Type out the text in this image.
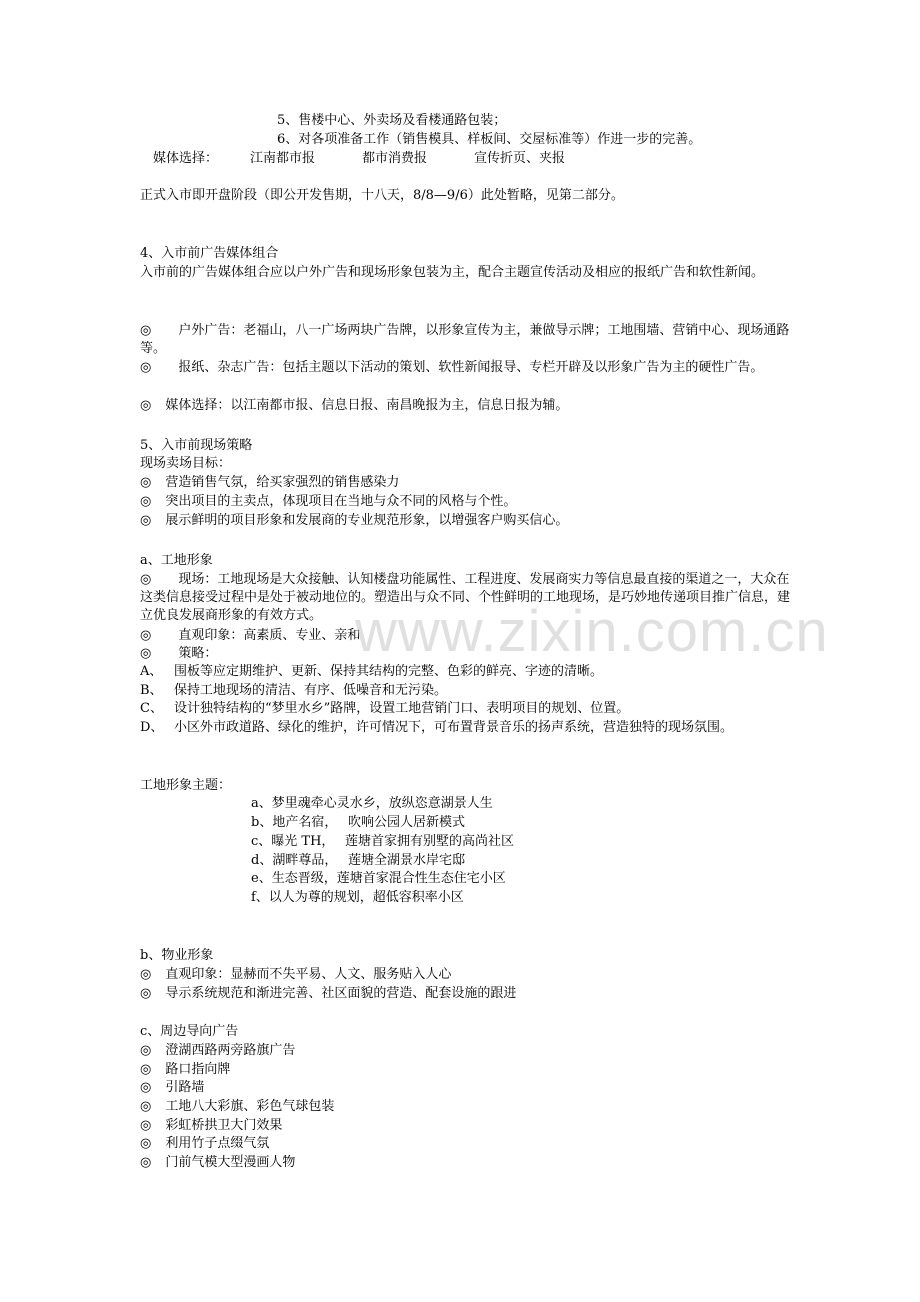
5、售楼中心、外卖场及看楼通路包装；
6、对各项准备工作（销售模具、样板间、交屋标准等）作进一步的完善。
媒体选择： 江南都市报	都市消费报	宣传折页、夹报
正式入市即开盘阶段（即公开发售期，十八天，8/8—9/6）此处暂略，见第二部分。
4、入市前广告媒体组合
入市前的广告媒体组合应以户外广告和现场形象包装为主，配合主题宣传活动及相应的报纸广告和软性新闻。
◎ 户外广告：老福山，八一广场两块广告牌，以形象宣传为主，兼做导示牌；工地围墙、营销中心、现场通路等。
◎ 报纸、杂志广告：包括主题以下活动的策划、软性新闻报导、专栏开辟及以形象广告为主的硬性广告。
◎ 媒体选择：以江南都市报、信息日报、南昌晚报为主，信息日报为辅。
5、入市前现场策略
现场卖场目标：
◎ 营造销售气氛，给买家强烈的销售感染力
◎ 突出项目的主卖点，体现项目在当地与众不同的风格与个性。
◎ 展示鲜明的项目形象和发展商的专业规范形象，以增强客户购买信心。
a、工地形象
◎ 现场：工地现场是大众接触、认知楼盘功能属性、工程进度、发展商实力等信息最直接的渠道之一，大众在这类信息接受过程中是处于被动地位的。塑造出与众不同、个性鲜明的工地现场，是巧妙地传递项目推广信息，建立优良发展商形象的有效方式。
◎ 直观印象：高素质、专业、亲和
◎ 策略：
A、 围板等应定期维护、更新、保持其结构的完整、色彩的鲜亮、字迹的清晰。
B、 保持工地现场的清洁、有序、低噪音和无污染。
C、 设计独特结构的“梦里水乡”路牌，设置工地营销门口、表明项目的规划、位置。
D、 小区外市政道路、绿化的维护，许可情况下，可布置背景音乐的扬声系统，营造独特的现场氛围。
工地形象主题：
a、梦里魂牵心灵水乡，放纵恣意湖景人生
b、地产名宿，　 吹响公园人居新模式
c、曝光 TH，　 莲塘首家拥有别墅的高尚社区
d、湖畔尊品，　 莲塘全湖景水岸宅邸
e、生态晋级，莲塘首家混合性生态住宅小区
f、以人为尊的规划，超低容积率小区
b、物业形象
◎ 直观印象：显赫而不失平易、人文、服务贴入人心
◎ 导示系统规范和渐进完善、社区面貌的营造、配套设施的跟进
c、周边导向广告
◎ 澄湖西路两旁路旗广告
◎ 路口指向牌
◎ 引路墙
◎ 工地八大彩旗、彩色气球包装
◎ 彩虹桥拱卫大门效果
◎ 利用竹子点缀气氛
◎ 门前气模大型漫画人物
www.zixin.com.cn
